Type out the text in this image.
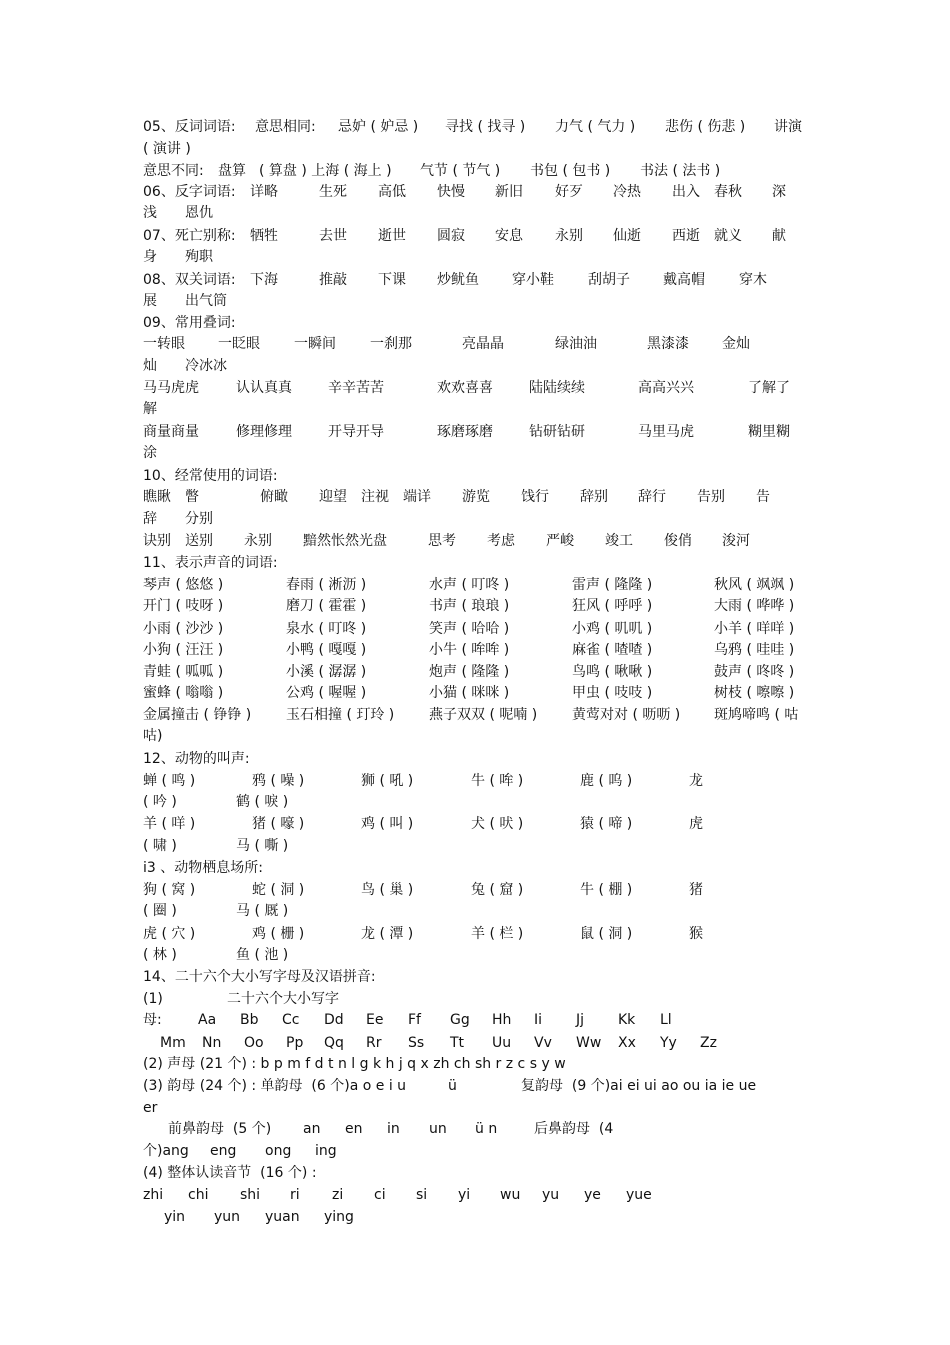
05、反词词语: 意思相同: 忌妒 ( 妒忌 ) 寻找 ( 找寻 ) 力气 ( 气力 ) 悲伤 ( 伤悲 ) 讲演
( 演讲 )
意思不同: 盘算 ( 算盘 ) 上海 ( 海上 ) 气节 ( 节气 ) 书包 ( 包书 ) 书法 ( 法书 )
06、反字词语: 详略	生死 高低 快慢 新旧 好歹 冷热 出入 春秋 深
浅 恩仇
07、死亡别称: 牺牲	去世 逝世 圆寂 安息 永别 仙逝 西逝 就义 献
身 殉职
08、双关词语: 下海	推敲 下课 炒鱿鱼 穿小鞋 刮胡子 戴高帽 穿木
展 出气筒
09、常用叠词:
一转眼 一眨眼 一瞬间 一刹那	亮晶晶	绿油油	黑漆漆 金灿
灿 冷冰冰
马马虎虎	认认真真	辛辛苦苦	欢欢喜喜	陆陆续续	高高兴兴	了解了
解
商量商量	修理修理	开导开导	琢磨琢磨	钻研钻研	马里马虎	糊里糊
涂
10、经常使用的词语:
瞧瞅 瞥	俯瞰 迎望 注视 端详 游览 饯行 辞别 辞行 告别 告
辞 分别
诀别 送别 永别 黯然怅然光盘	思考 考虑 严峻 竣工 俊俏 浚河
11、表示声音的词语:
琴声 ( 悠悠 )	春雨 ( 淅沥 )	水声 ( 叮咚 )	雷声 ( 隆隆 )	秋风 ( 飒飒 )
开门 ( 吱呀 )	磨刀 ( 霍霍 )	书声 ( 琅琅 )	狂风 ( 呼呼 )	大雨 ( 哗哗 )
小雨 ( 沙沙 )	泉水 ( 叮咚 )	笑声 ( 哈哈 )	小鸡 ( 叽叽 )	小羊 ( 咩咩 )
小狗 ( 汪汪 )	小鸭 ( 嘎嘎 )	小牛 ( 哞哞 )	麻雀 ( 喳喳 )	乌鸦 ( 哇哇 )
青蛙 ( 呱呱 )	小溪 ( 潺潺 )	炮声 ( 隆隆 )	鸟鸣 ( 啾啾 )	鼓声 ( 咚咚 )
蜜蜂 ( 嗡嗡 )	公鸡 ( 喔喔 )	小猫 ( 咪咪 )	甲虫 ( 吱吱 )	树枝 ( 嚓嚓 )
金属撞击 ( 铮铮 ) 玉石相撞 ( 玎玲 ) 燕子双双 ( 呢喃 ) 黄莺对对 ( 呖呖 ) 斑鸠啼鸣 ( 咕
咕)
12、动物的叫声:
蝉 ( 鸣 )	鸦 ( 噪 )	狮 ( 吼 )	牛 ( 哞 )	鹿 ( 呜 )	龙
( 吟 )	鹤 ( 唳 )
羊 ( 咩 )	猪 ( 嚎 )	鸡 ( 叫 )	犬 ( 吠 )	猿 ( 啼 )	虎
( 啸 )	马 ( 嘶 )
i3 、动物栖息场所:
狗 ( 窝 )	蛇 ( 洞 )	鸟 ( 巢 )	兔 ( 窟 )	牛 ( 棚 )	猪
( 圈 )	马 ( 厩 )
虎 ( 穴 )	鸡 ( 栅 )	龙 ( 潭 )	羊 ( 栏 )	鼠 ( 洞 )	猴
( 林 )	鱼 ( 池 )
14、二十六个大小写字母及汉语拼音:
(1)	二十六个大小写字
母:	Aa Bb Cc Dd Ee Ff Gg Hh Ii Jj Kk Ll
Mm Nn Oo Pp Qq Rr Ss Tt Uu Vv Ww Xx Yy Zz
(2) 声母 (21 个) : b p m f d t n l g k h j q x zh ch sh r z c s y w
(3) 韵母 (24 个) : 单韵母  (6 个)a o e i u	ü	复韵母  (9 个)ai ei ui ao ou ia ie ue
er
前鼻韵母  (5 个) an en in un ü n	后鼻韵母  (4
个)ang eng ong ing
(4) 整体认读音节  (16 个) :
zhi chi shi ri zi ci si yi wu yu ye yue
yin yun yuan ying
